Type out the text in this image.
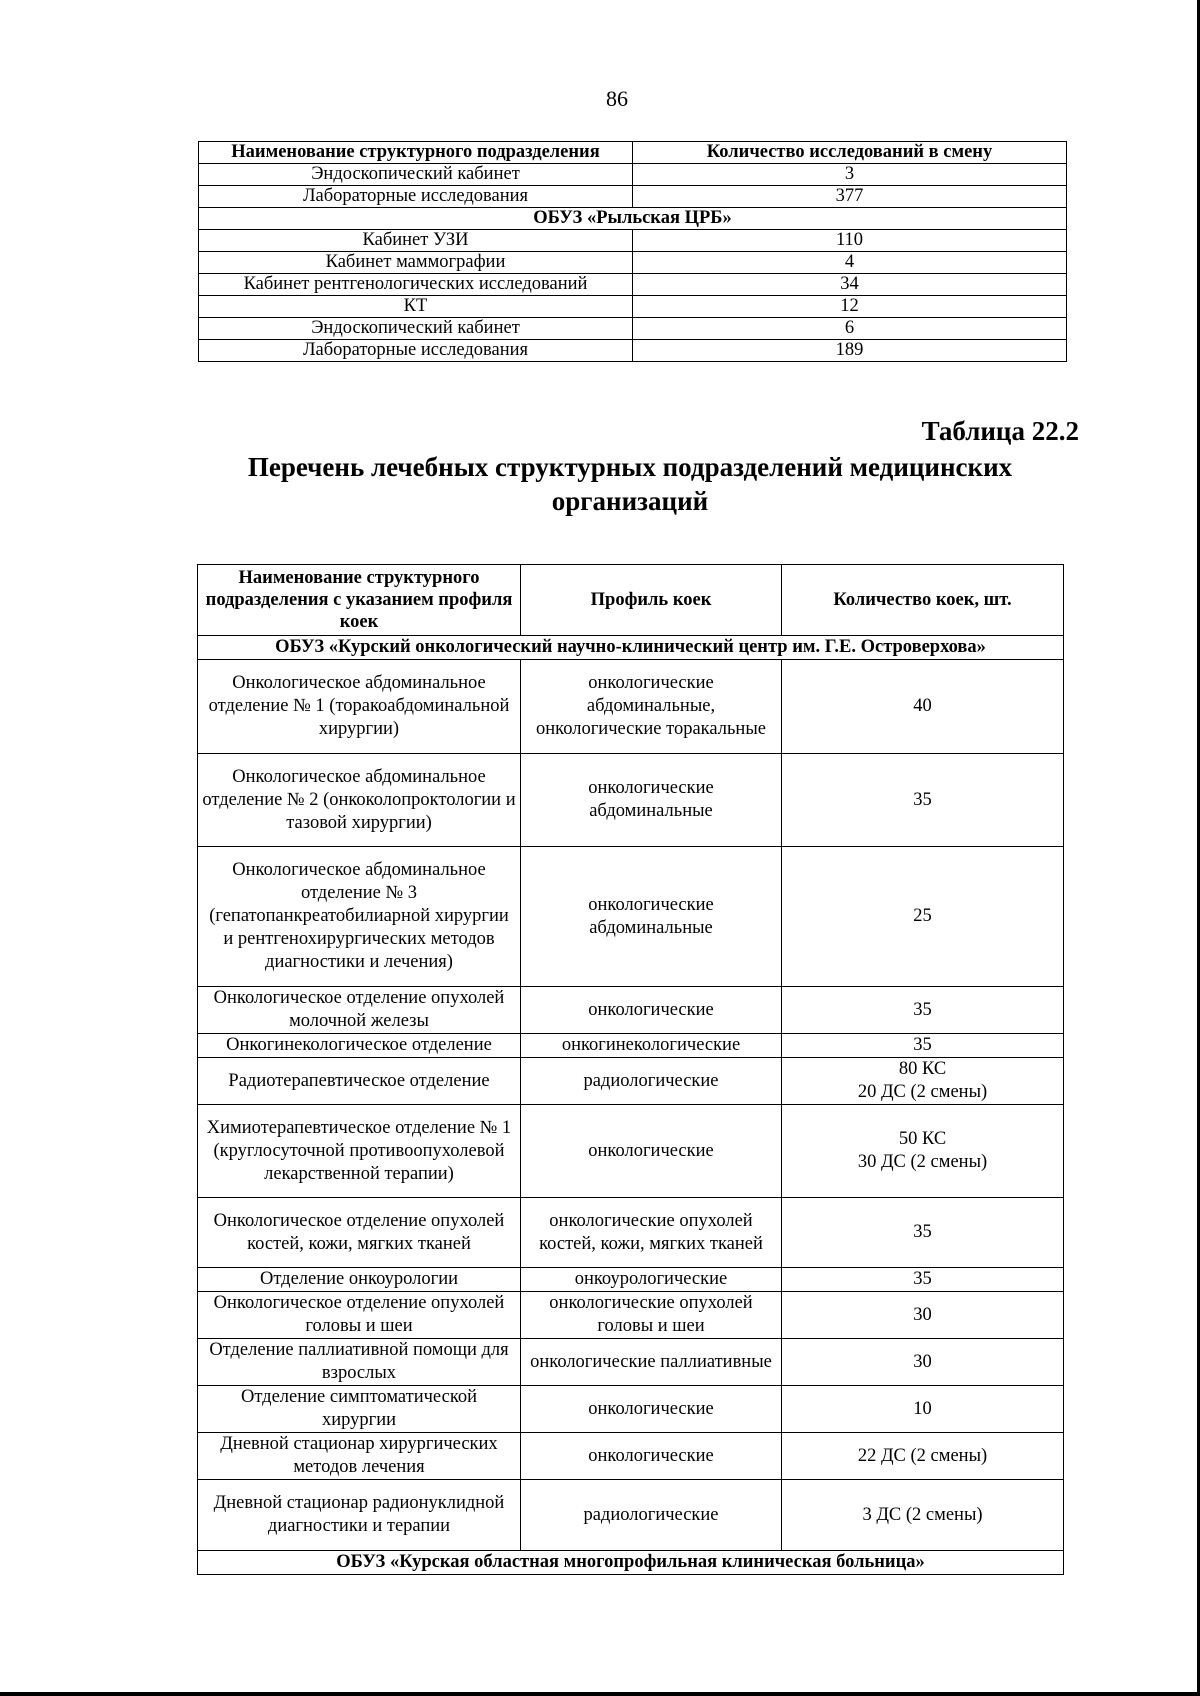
86
Наименование структурного подразделения	Количество исследований в смену
Эндоскопический кабинет	3
Лабораторные исследования	377
ОБУЗ «Рыльская ЦРБ»	
Кабинет УЗИ	110
Кабинет маммографии	4
Кабинет рентгенологических исследований	34
КТ	12
Эндоскопический кабинет	6
Лабораторные исследования	189
Таблица 22.2
Перечень лечебных структурных подразделений медицинских организаций
Наименование структурного подразделения с указанием профиля коек	Профиль коек	Количество коек, шт.
ОБУЗ «Курский онкологический научно-клинический центр им. Г.Е. Островерхова»		
Онкологическое абдоминальное отделение № 1 (торакоабдоминальной хирургии)	онкологические абдоминальные, онкологические торакальные	40
Онкологическое абдоминальное отделение № 2 (онкоколопроктологии и тазовой хирургии)	онкологические абдоминальные	35
Онкологическое абдоминальное отделение № 3 (гепатопанкреатобилиарной хирургии и рентгенохирургических методов диагностики и лечения)	онкологические абдоминальные	25
Онкологическое отделение опухолей молочной железы	онкологические	35
Онкогинекологическое отделение	онкогинекологические	35
Радиотерапевтическое отделение	радиологические	80 КС
20 ДС (2 смены)
Химиотерапевтическое отделение № 1 (круглосуточной противоопухолевой лекарственной терапии)	онкологические	50 КС
30 ДС (2 смены)
Онкологическое отделение опухолей костей, кожи, мягких тканей	онкологические опухолей костей, кожи, мягких тканей	35
Отделение онкоурологии	онкоурологические	35
Онкологическое отделение опухолей головы и шеи	онкологические опухолей головы и шеи	30
Отделение паллиативной помощи для взрослых	онкологические паллиативные	30
Отделение симптоматической хирургии	онкологические	10
Дневной стационар хирургических методов лечения	онкологические	22 ДС (2 смены)
Дневной стационар радионуклидной диагностики и терапии	радиологические	3 ДС (2 смены)
ОБУЗ «Курская областная многопрофильная клиническая больница»		
